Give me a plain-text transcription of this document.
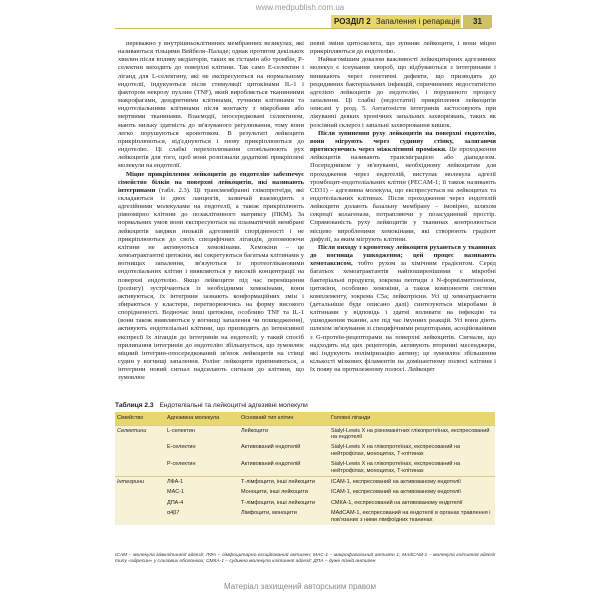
www.medpublish.com.ua
РОЗДІЛ 2 Запалення і репарація	31

переважно у внутрішньоклітинних мембранних везикулах, які називаються тільцями Вейбеля–Паладе; однак протягом декількох хвилин після впливу медіаторів, таких як гістамін або тромбін, Р-селектин виходить до поверхні клітини. Так само Е-селектин і ліганд для L-селектину, які не експресуються на нормальному ендотелії, індукуються після стимуляції цитокінами IL-1 і фактором некрозу пухлин (TNF), який виробляється тканинними макрофагами, дендритними клітинами, тучними клітинами та ендотеліальними клітинами після контакту з мікробами або мертвими тканинами. Взаємодії, опосередковані селектином, мають низьку здатність до зв'язуваного регулювання, тому вони легко порушуються кровотоком. В результаті лейкоцити прикріплюються, від'єднуються і знову прикріплюються до ендотелію. Ці слабкі перехоплювання сповільнюють рух лейкоцитів для того, щоб вони розпізнали додаткові прикріплені молекули на ендотелії.

Міцне прикріплення лейкоцитів до ендотелію забезпечує сімейство білків на поверхні лейкоцитів, які називають інтегринами (табл. 2.3). Ці трансмембранні глікопротеїди, які складаються із двох ланцюгів, зазвичай взаємодіють з адгезійними молекулами на ендотелії, а також прикріплюють рівномірно клітини до позаклітинного матриксу (ПКМ). За нормальних умов вони експресуються на плазматичній мембрані лейкоцитів завдяки низькій адгезивній спорідненості і не прикріплюються до своїх специфічних лігандів, доповнюючи клітини не активуються хемокінами. Хемокіни – це хемоатрактантні цитокіни, які секретуються багатьма клітинами у вогнищах запалення, зв'язуються із протеоглікановими ендотеліальних клітин і виявляються у високій концентрації на поверхні ендотелію. Якщо лейкоцити під час переміщення (ролінгу) зустрічаються із необхідними хемокінами, вони активуються, їх інтегрини зазнають конформаційних змін і збираються у кластери, перетворюючись на форму високого спорідненості. Водночас інші цитокіни, особливо TNF та IL-1 (вони також виявляються у вогнищі запалення чи пошкодження), активують ендотеліальні клітини, що призводить до інтенсивної експресії їх лігандів до інтегринів на ендотелії; у такий спосіб прилипання інтегринів до ендотелію збільшується, що зумовлює міцний інтегрин-опосередкований зв'язок лейкоцитів на стінці судин у вогнищі запалення. Ролінг лейкоцити припиняються, а інтегрини новий сигнал надсилають сигнали до клітини, що зумовлює

певні зміни цитоскелета, що зупиняє лейкоцити, і вони міцно прикріпляються до ендотелію.

Найвагомішим доказом важливості лейкоцитарних адгезивних молекул є існування хвороб, що відбуваються з інтегринами і виникають через генетичні дефекти, що призводять до рецидивних бактеріальних інфекцій, спричинених недостатністю адгезією лейкоцитів до ендотелію, і порушеного процесу запалення. Ці слабкі (недостатні) прикріплення лейкоцитів описані у розд. 5. Антагоністи інтегринів застосовують при лікуванні деяких хронічних запальних захворювань, таких як розсіяний склероз і запальні захворювання кишок.

Після зупинення руху лейкоцитів на поверхні ендотелію, вони мігрують через судинну стінку, залягаючи протискуючись через міжклітинні проміжки. Це проходження лейкоцитів називають трансміграцією або діапедезом. Посередником у зв'язуванні, необхідному лейкоцитам для проходження через ендотелій, виступає молекула адгезії тромбоцит-ендотеліальних клітин (PECAM-1; її також називають CD31) – адгезивна молекула, що експресується на лейкоцитах та ендотеліальних клітинах. Після проходження через ендотелій лейкоцити долають базальну мембрану – імовірно, шляхом секреції колагенази, потрапляючи у позасудинний простір. Спрямованість руху лейкоцитів у тканинах контролюється місцево виробленими хемокінами, які створюють градієнт дифузії, за яким мігрують клітини.

Після виходу з кровотоку лейкоцити рухаються у тканинах до вогнища ушкодження; цей процес називають хемотаксисом, тобто рухом за хімічним градієнтом. Серед багатьох хемоатрактантів найпоширенішими є мікробні бактеріальні продукти, зокрема пептиди з N-формілметіоніном, цитокіни, особливо хемокіни, а також компоненти системи комплементу, зокрема C5a; лейкотрієни. Усі ці хемоатрактанти (детальніше буде описано далі) синтезуються мікробами й клітинами у відповідь і здатні впливати на інфекцію та ушкодження тканин, але під час імунних реакцій. Усі вони діють шляхом зв'язування зі специфічними рецепторами, асоційованими з G-протеїн-рецепторами на поверхні лейкоцитів. Сигнали, що надходять від цих рецепторів, активують вторинні месенджери, які індукують поліміризацію актину; це зумовлює збільшення кількості мізкових філаментів на домінантному полюсі клітини і їх появу на протилежному полюсі. Лейкоцит

Таблиця 2.3 Ендотеліальні та лейкоцитні адгезивні молекули
Сімейство	Адгезивна молекула	Основний тип клітин	Головні ліганди
Селектини	L-селектин	Лейкоцити	Sialyl-Lewis X на різноманітних глікопротеїнах, експресований на ендотелії
	E-селектин	Активований ендотелій	Sialyl-Lewis X на глікопротеїнах, експресований на нейтрофілах, моноцитах, Т-клітинах
	P-селектин	Активований ендотелій	Sialyl-Lewis X на глікопротеїнах, експресований на нейтрофілах, моноцитах, Т-клітинах
Інтегрини	ЛФА-1	Т-лімфоцити, інші лейкоцити	ICAM-1, експресований на активованому ендотелії
	MAC-1	Моноцити, інші лейкоцити	ICAM-1, експресований на активованому ендотелії
	ДПА-4	Т-лімфоцити, інші лейкоцити	СМКА-1, експресований на активованому ендотелії
	α4β7	Лімфоцити, моноцити	MAdCAM-1, експресований на ендотелії в органах травлення і пов'язаних з ними лімфоїдних тканинах
ICAM – молекула міжклітинної адгезії; ЛФА – лімфоцитарно-асоційований антиген; MAC-1 – макрофагальний антиген 1; MAdCAM-1 – молекула клітинної адгезії типу «адресин» у слизових оболонках; СМКА-1 – судинна молекула клітинної адгезії; ДПА – дуже пізній антиген
Матеріал захищений авторським правом
